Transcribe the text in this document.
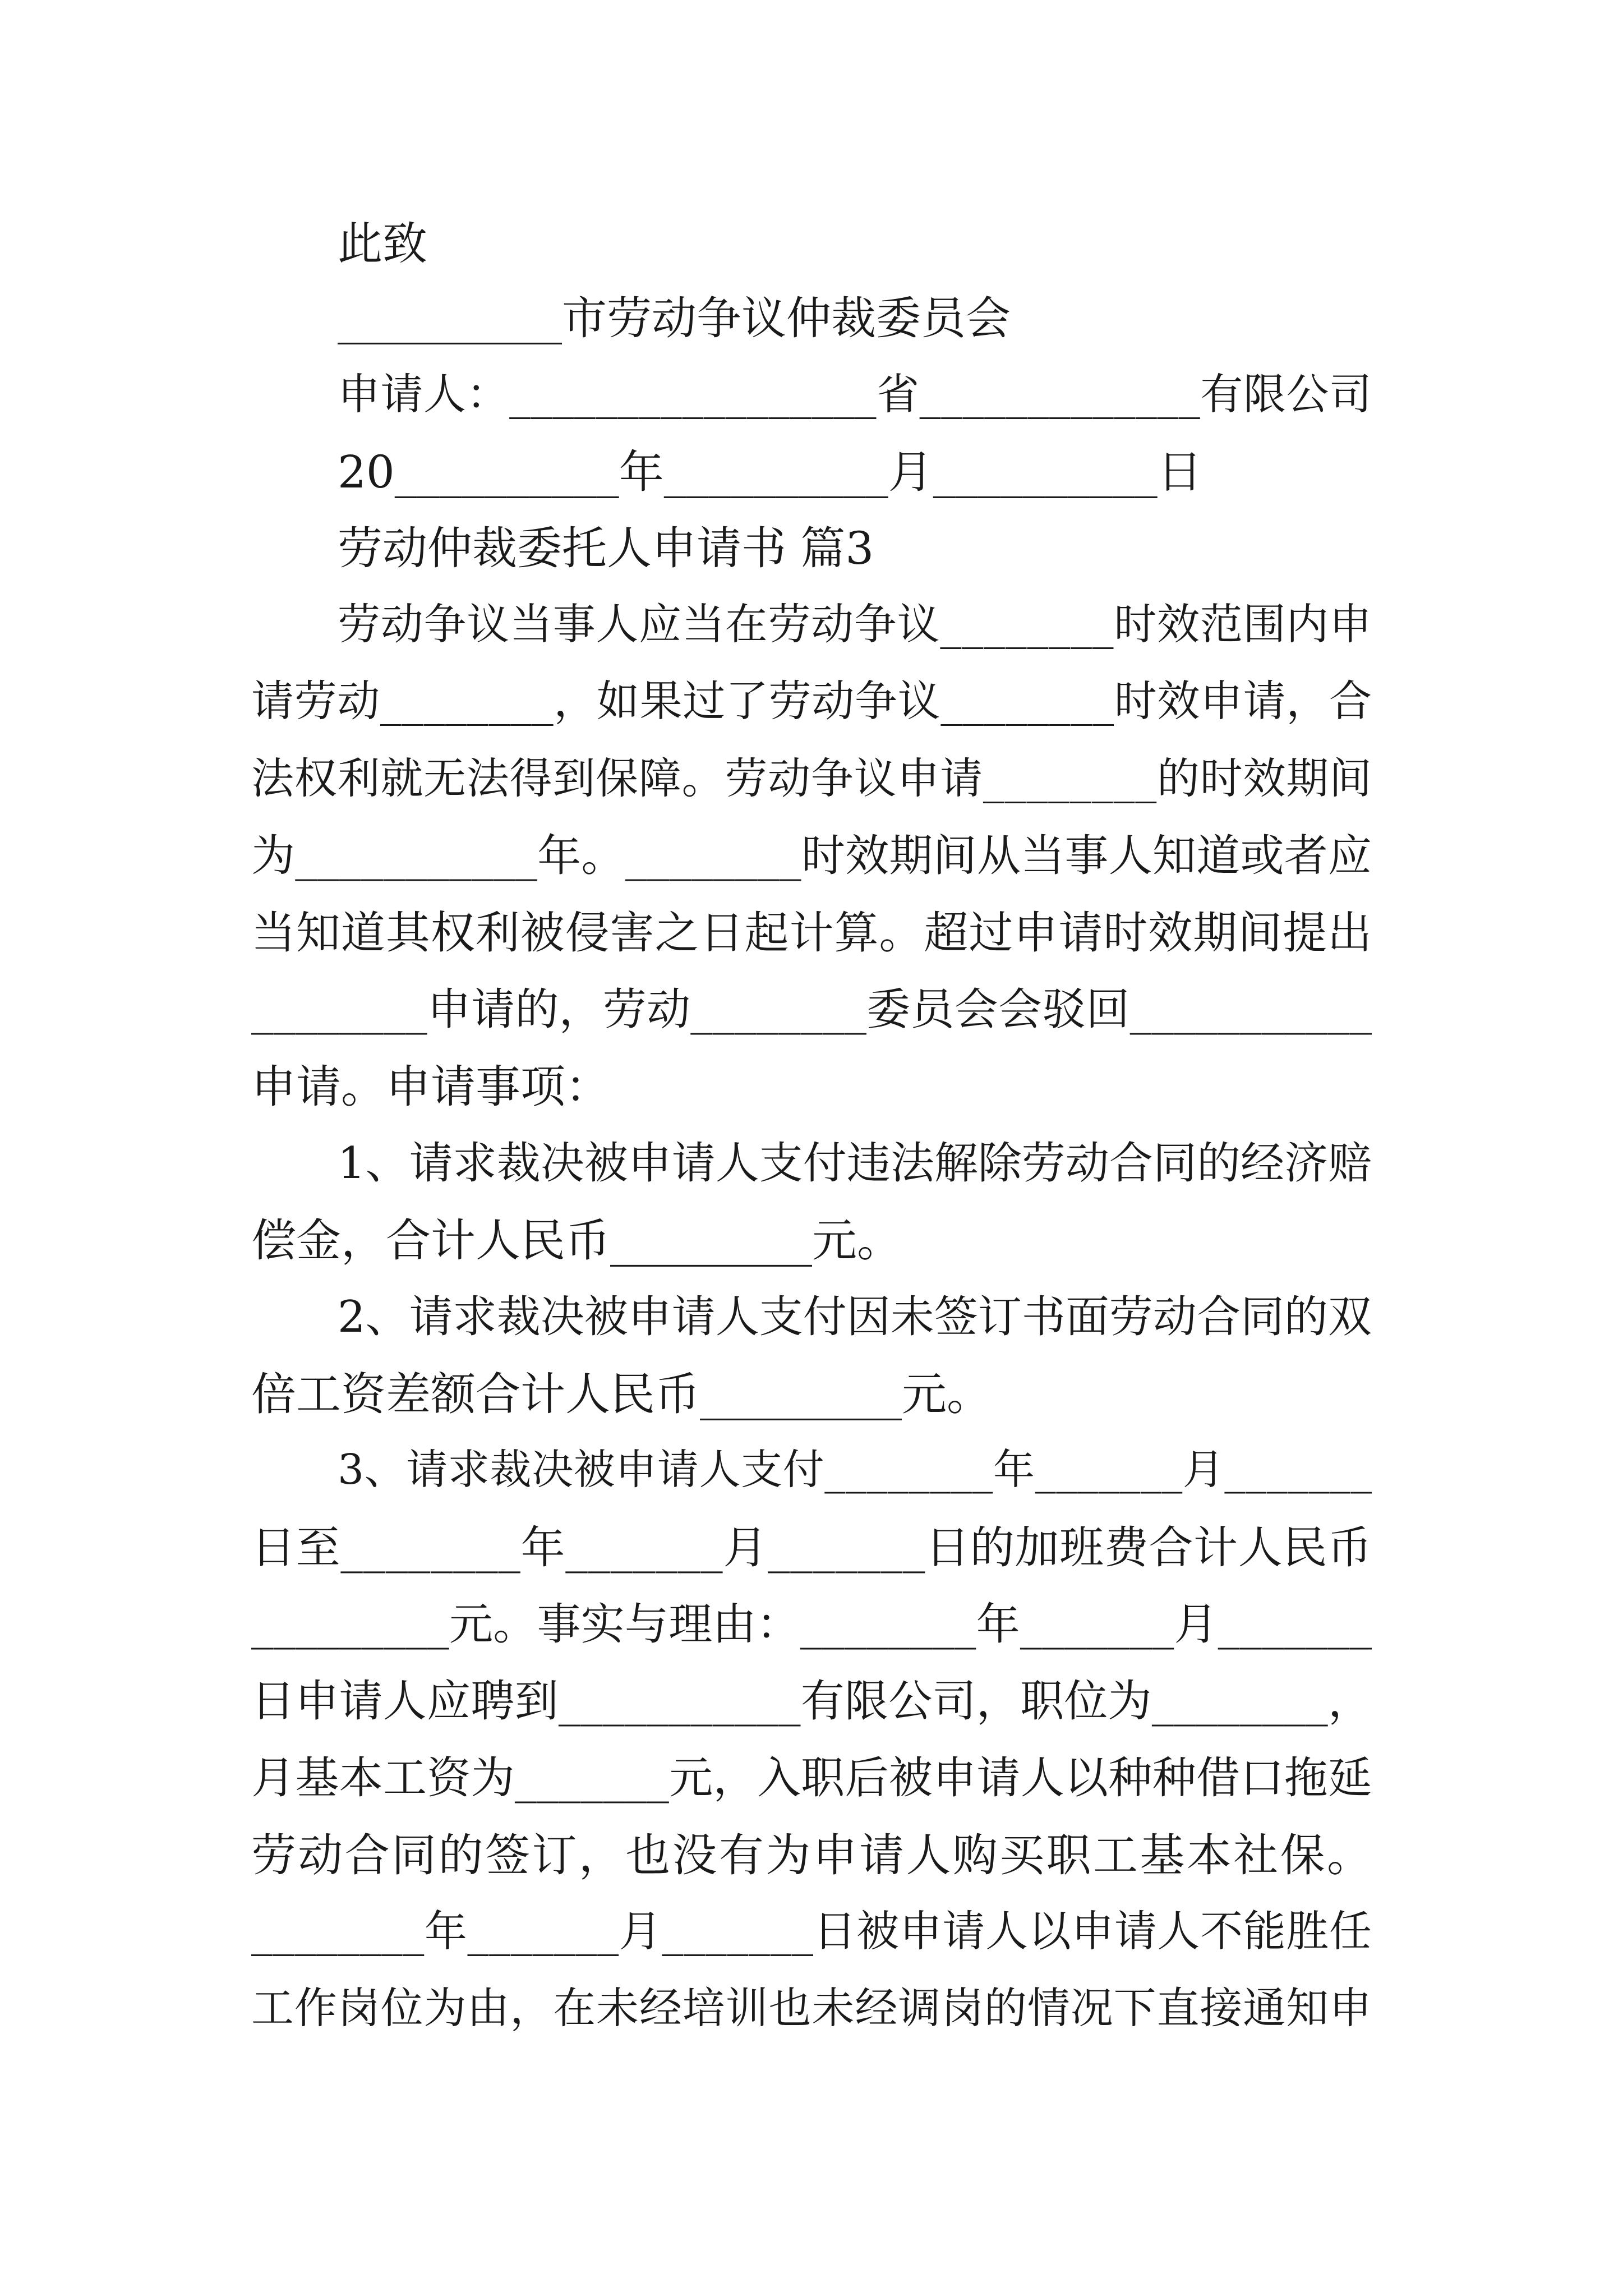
此致
__________市劳动争议仲裁委员会
申请人：_________________省_____________有限公司
20__________年__________月__________日
劳动仲裁委托人申请书 篇3
劳动争议当事人应当在劳动争议________时效范围内申
请劳动________，如果过了劳动争议________时效申请，合
法权利就无法得到保障。劳动争议申请________的时效期间
为___________年。________时效期间从当事人知道或者应
当知道其权利被侵害之日起计算。超过申请时效期间提出
________申请的，劳动________委员会会驳回___________
申请。申请事项：
1、请求裁决被申请人支付违法解除劳动合同的经济赔
偿金，合计人民币_________元。
2、请求裁决被申请人支付因未签订书面劳动合同的双
倍工资差额合计人民币_________元。
3、请求裁决被申请人支付________年_______月_______
日至________年_______月_______日的加班费合计人民币
_________元。事实与理由：________年_______月_______
日申请人应聘到___________有限公司，职位为________，
月基本工资为_______元，入职后被申请人以种种借口拖延
劳动合同的签订，也没有为申请人购买职工基本社保。
________年_______月_______日被申请人以申请人不能胜任
工作岗位为由，在未经培训也未经调岗的情况下直接通知申
